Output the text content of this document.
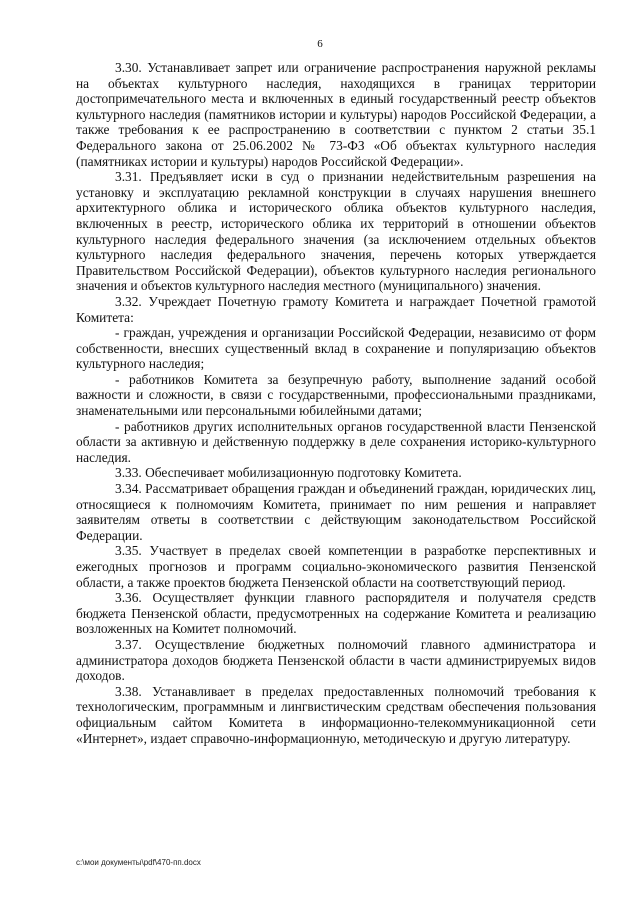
6

3.30. Устанавливает запрет или ограничение распространения наружной рекламы на объектах культурного наследия, находящихся в границах территории достопримечательного места и включенных в единый государственный реестр объектов культурного наследия (памятников истории и культуры) народов Российской Федерации, а также требования к ее распространению в соответствии с пунктом 2 статьи 35.1 Федерального закона от 25.06.2002 № 73-ФЗ «Об объектах культурного наследия (памятниках истории и культуры) народов Российской Федерации».

3.31. Предъявляет иски в суд о признании недействительным разрешения на установку и эксплуатацию рекламной конструкции в случаях нарушения внешнего архитектурного облика и исторического облика объектов культурного наследия, включенных в реестр, исторического облика их территорий в отношении объектов культурного наследия федерального значения (за исключением отдельных объектов культурного наследия федерального значения, перечень которых утверждается Правительством Российской Федерации), объектов культурного наследия регионального значения и объектов культурного наследия местного (муниципального) значения.

3.32. Учреждает Почетную грамоту Комитета и награждает Почетной грамотой Комитета:

- граждан, учреждения и организации Российской Федерации, независимо от форм собственности, внесших существенный вклад в сохранение и популяризацию объектов культурного наследия;

- работников Комитета за безупречную работу, выполнение заданий особой важности и сложности, в связи с государственными, профессиональными праздниками, знаменательными или персональными юбилейными датами;

- работников других исполнительных органов государственной власти Пензенской области за активную и действенную поддержку в деле сохранения историко-культурного наследия.

3.33. Обеспечивает мобилизационную подготовку Комитета.

3.34. Рассматривает обращения граждан и объединений граждан, юридических лиц, относящиеся к полномочиям Комитета, принимает по ним решения и направляет заявителям ответы в соответствии с действующим законодательством Российской Федерации.

3.35. Участвует в пределах своей компетенции в разработке перспективных и ежегодных прогнозов и программ социально-экономического развития Пензенской области, а также проектов бюджета Пензенской области на соответствующий период.

3.36. Осуществляет функции главного распорядителя и получателя средств бюджета Пензенской области, предусмотренных на содержание Комитета и реализацию возложенных на Комитет полномочий.

3.37. Осуществление бюджетных полномочий главного администратора и администратора доходов бюджета Пензенской области в части администрируемых видов доходов.

3.38. Устанавливает в пределах предоставленных полномочий требования к технологическим, программным и лингвистическим средствам обеспечения пользования официальным сайтом Комитета в информационно-телекоммуникационной сети «Интернет», издает справочно-информационную, методическую и другую литературу.

c:\мои документы\pdf\470-пп.docx
